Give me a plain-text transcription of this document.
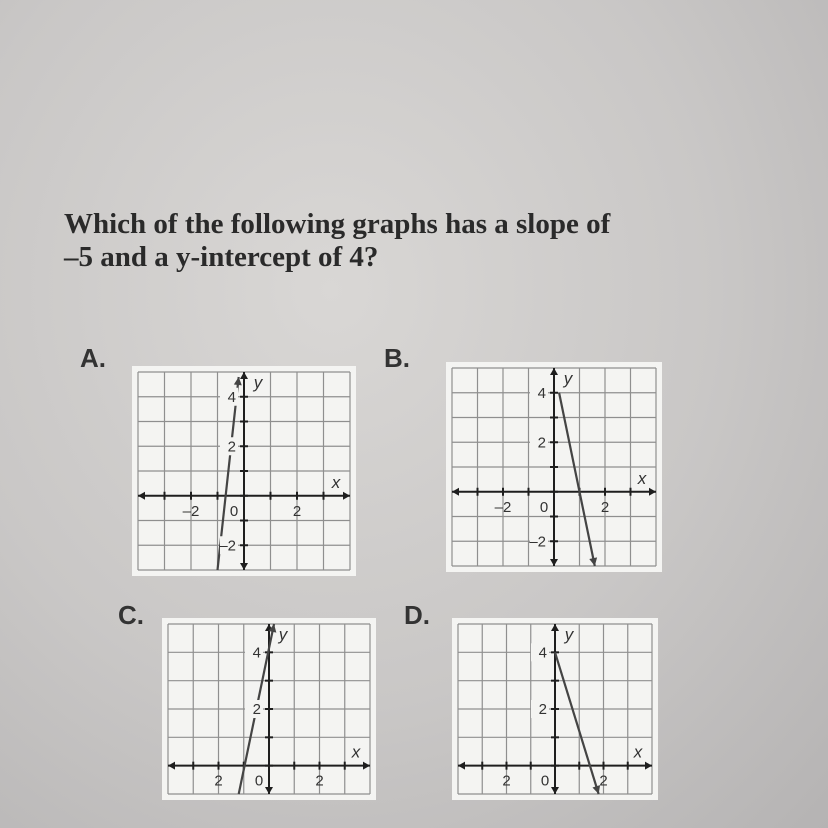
Which of the following graphs has a slope of
–5 and a y-intercept of 4?
A.
–2 0	2
4
2
–2
x
y
B.
–2 0	2
4
2
–2
x
y
C.
2 0	2
4
2
x
y
D.
2 0	2
4
2
x
y
